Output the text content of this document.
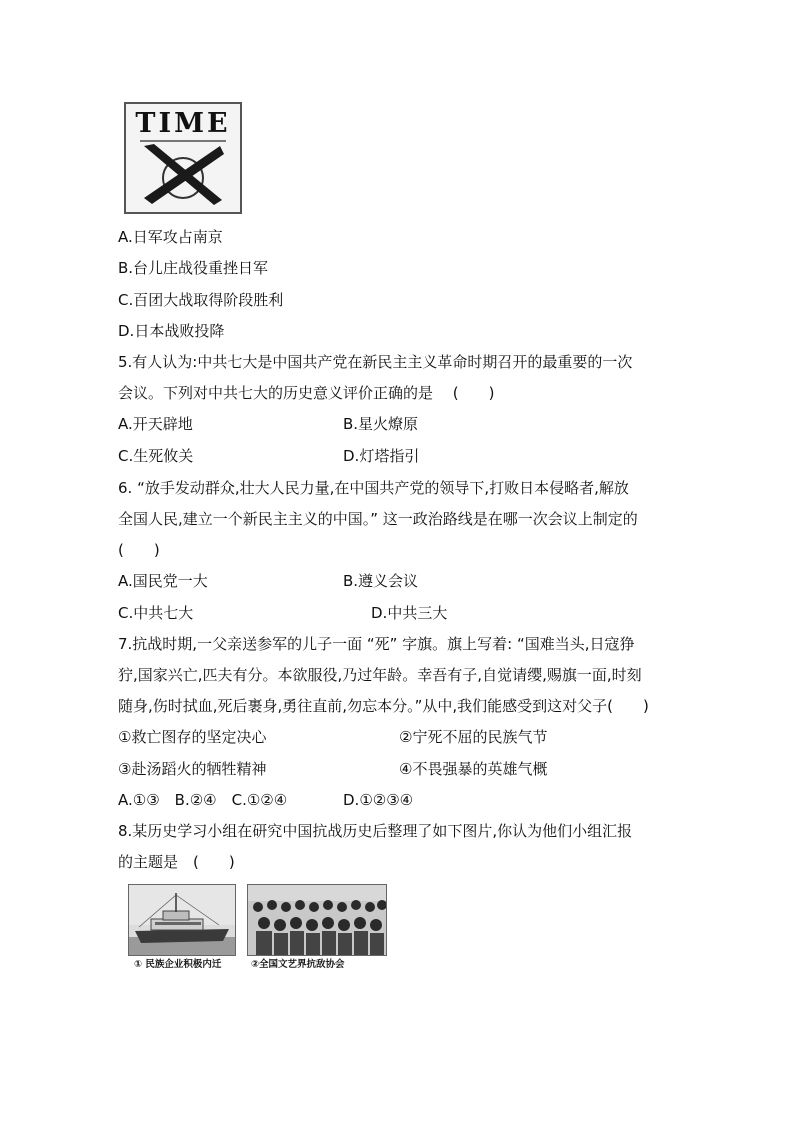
TIME
A.日军攻占南京
B.台儿庄战役重挫日军
C.百团大战取得阶段胜利
D.日本战败投降
5.有人认为:中共七大是中国共产党在新民主主义革命时期召开的最重要的一次
会议。下列对中共七大的历史意义评价正确的是　 (　　)
A.开天辟地	B.星火燎原
C.生死攸关	D.灯塔指引
6. “放手发动群众,壮大人民力量,在中国共产党的领导下,打败日本侵略者,解放
全国人民,建立一个新民主主义的中国。” 这一政治路线是在哪一次会议上制定的
(　　)
A.国民党一大	B.遵义会议
C.中共七大	D.中共三大
7.抗战时期,一父亲送参军的儿子一面 “死” 字旗。旗上写着: “国难当头,日寇狰
狞,国家兴亡,匹夫有分。本欲服役,乃过年龄。幸吾有子,自觉请缨,赐旗一面,时刻
随身,伤时拭血,死后裹身,勇往直前,勿忘本分。”从中,我们能感受到这对父子(　　)
①救亡图存的坚定决心	②宁死不屈的民族气节
③赴汤蹈火的牺牲精神	④不畏强暴的英雄气概
A.①③　B.②④　C.①②④	D.①②③④
8.某历史学习小组在研究中国抗战历史后整理了如下图片,你认为他们小组汇报
的主题是　(　　)
① 民族企业积极内迁	②全国文艺界抗敌协会
